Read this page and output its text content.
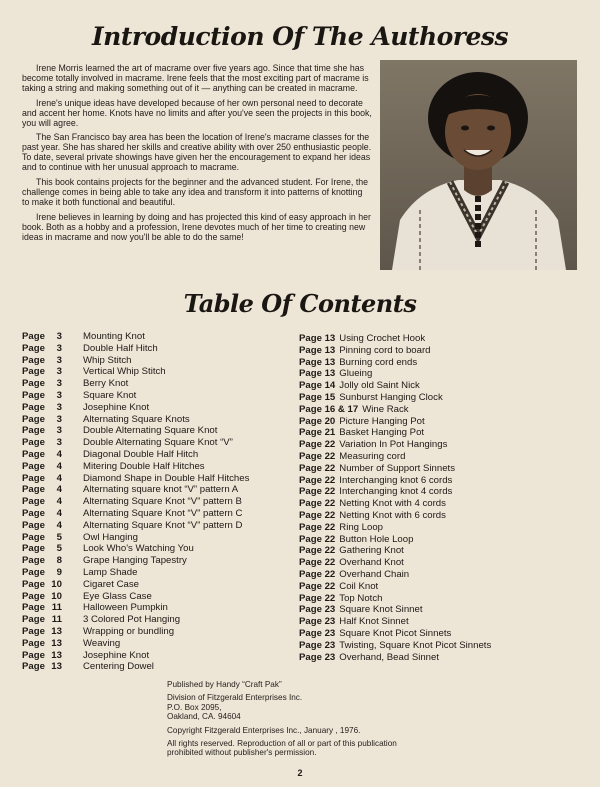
Introduction Of The Authoress

Irene Morris learned the art of macrame over five years ago. Since that time she has become totally involved in macrame. Irene feels that the most exciting part of macrame is taking a string and making something out of it — anything can be created in macrame.

Irene's unique ideas have developed because of her own personal need to decorate and accent her home. Knots have no limits and after you've seen the projects in this book, you will agree.

The San Francisco bay area has been the location of Irene's macrame classes for the past year. She has shared her skills and creative ability with over 250 enthusiastic people. To date, several private showings have given her the encouragement to expand her ideas and to continue with her unusual approach to macrame.

This book contains projects for the beginner and the advanced student. For Irene, the challenge comes in being able to take any idea and transform it into patterns of knotting to make it both functional and beautiful.

Irene believes in learning by doing and has projected this kind of easy approach in her book. Both as a hobby and a profession, Irene devotes much of her time to creating new ideas in macrame and now you'll be able to do the same!

Table Of Contents
Page 3 Mounting Knot
Page 3 Double Half Hitch
Page 3 Whip Stitch
Page 3 Vertical Whip Stitch
Page 3 Berry Knot
Page 3 Square Knot
Page 3 Josephine Knot
Page 3 Alternating Square Knots
Page 3 Double Alternating Square Knot
Page 3 Double Alternating Square Knot “V”
Page 4 Diagonal Double Half Hitch
Page 4 Mitering Double Half Hitches
Page 4 Diamond Shape in Double Half Hitches
Page 4 Alternating square knot “V” pattern A
Page 4 Alternating Square Knot “V” pattern B
Page 4 Alternating Square Knot “V” pattern C
Page 4 Alternating Square Knot “V” pattern D
Page 5 Owl Hanging
Page 5 Look Who's Watching You
Page 8 Grape Hanging Tapestry
Page 9 Lamp Shade
Page 10 Cigaret Case
Page 10 Eye Glass Case
Page 11 Halloween Pumpkin
Page 11 3 Colored Pot Hanging
Page 13 Wrapping or bundling
Page 13 Weaving
Page 13 Josephine Knot
Page 13 Centering Dowel
Page 13 Using Crochet Hook
Page 13 Pinning cord to board
Page 13 Burning cord ends
Page 13 Glueing
Page 14 Jolly old Saint Nick
Page 15 Sunburst Hanging Clock
Page 16 & 17 Wine Rack
Page 20 Picture Hanging Pot
Page 21 Basket Hanging Pot
Page 22 Variation In Pot Hangings
Page 22 Measuring cord
Page 22 Number of Support Sinnets
Page 22 Interchanging knot 6 cords
Page 22 Interchanging knot 4 cords
Page 22 Netting Knot with 4 cords
Page 22 Netting Knot with 6 cords
Page 22 Ring Loop
Page 22 Button Hole Loop
Page 22 Gathering Knot
Page 22 Overhand Knot
Page 22 Overhand Chain
Page 22 Coil Knot
Page 22 Top Notch
Page 23 Square Knot Sinnet
Page 23 Half Knot Sinnet
Page 23 Square Knot Picot Sinnets
Page 23 Twisting, Square Knot Picot Sinnets
Page 23 Overhand, Bead Sinnet
Published by Handy “Craft Pak”
Division of Fitzgerald Enterprises Inc.
P.O. Box 2095,
Oakland, CA. 94604
Copyright Fitzgerald Enterprises Inc., January , 1976.
All rights reserved. Reproduction of all or part of this publication
prohibited without publisher's permission.
2
